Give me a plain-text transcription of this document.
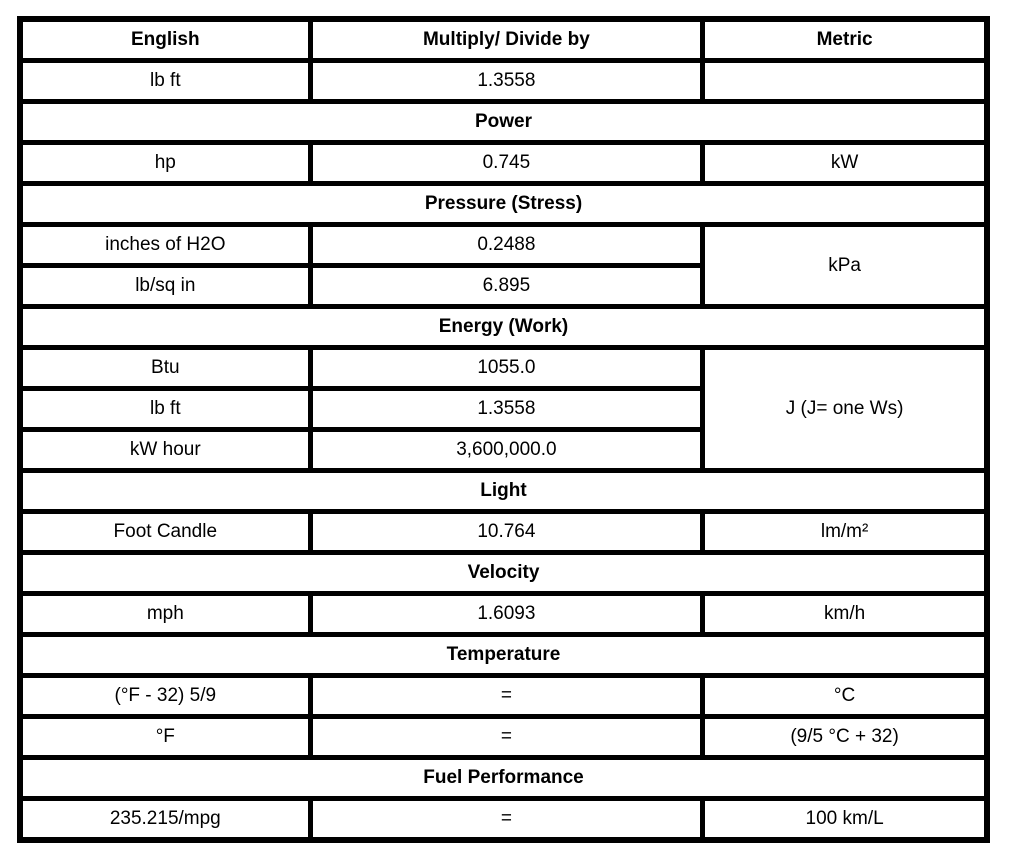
English	Multiply/ Divide by	Metric
lb ft	1.3558	
Power		
hp	0.745	kW
Pressure (Stress)		
inches of H2O	0.2488	kPa
lb/sq in	6.895	
Energy (Work)		
Btu	1055.0	J (J= one Ws)
lb ft	1.3558	
kW hour	3,600,000.0	
Light		
Foot Candle	10.764	lm/m²
Velocity		
mph	1.6093	km/h
Temperature		
(°F - 32) 5/9	=	°C
°F	=	(9/5 °C + 32)
Fuel Performance		
235.215/mpg	=	100 km/L
